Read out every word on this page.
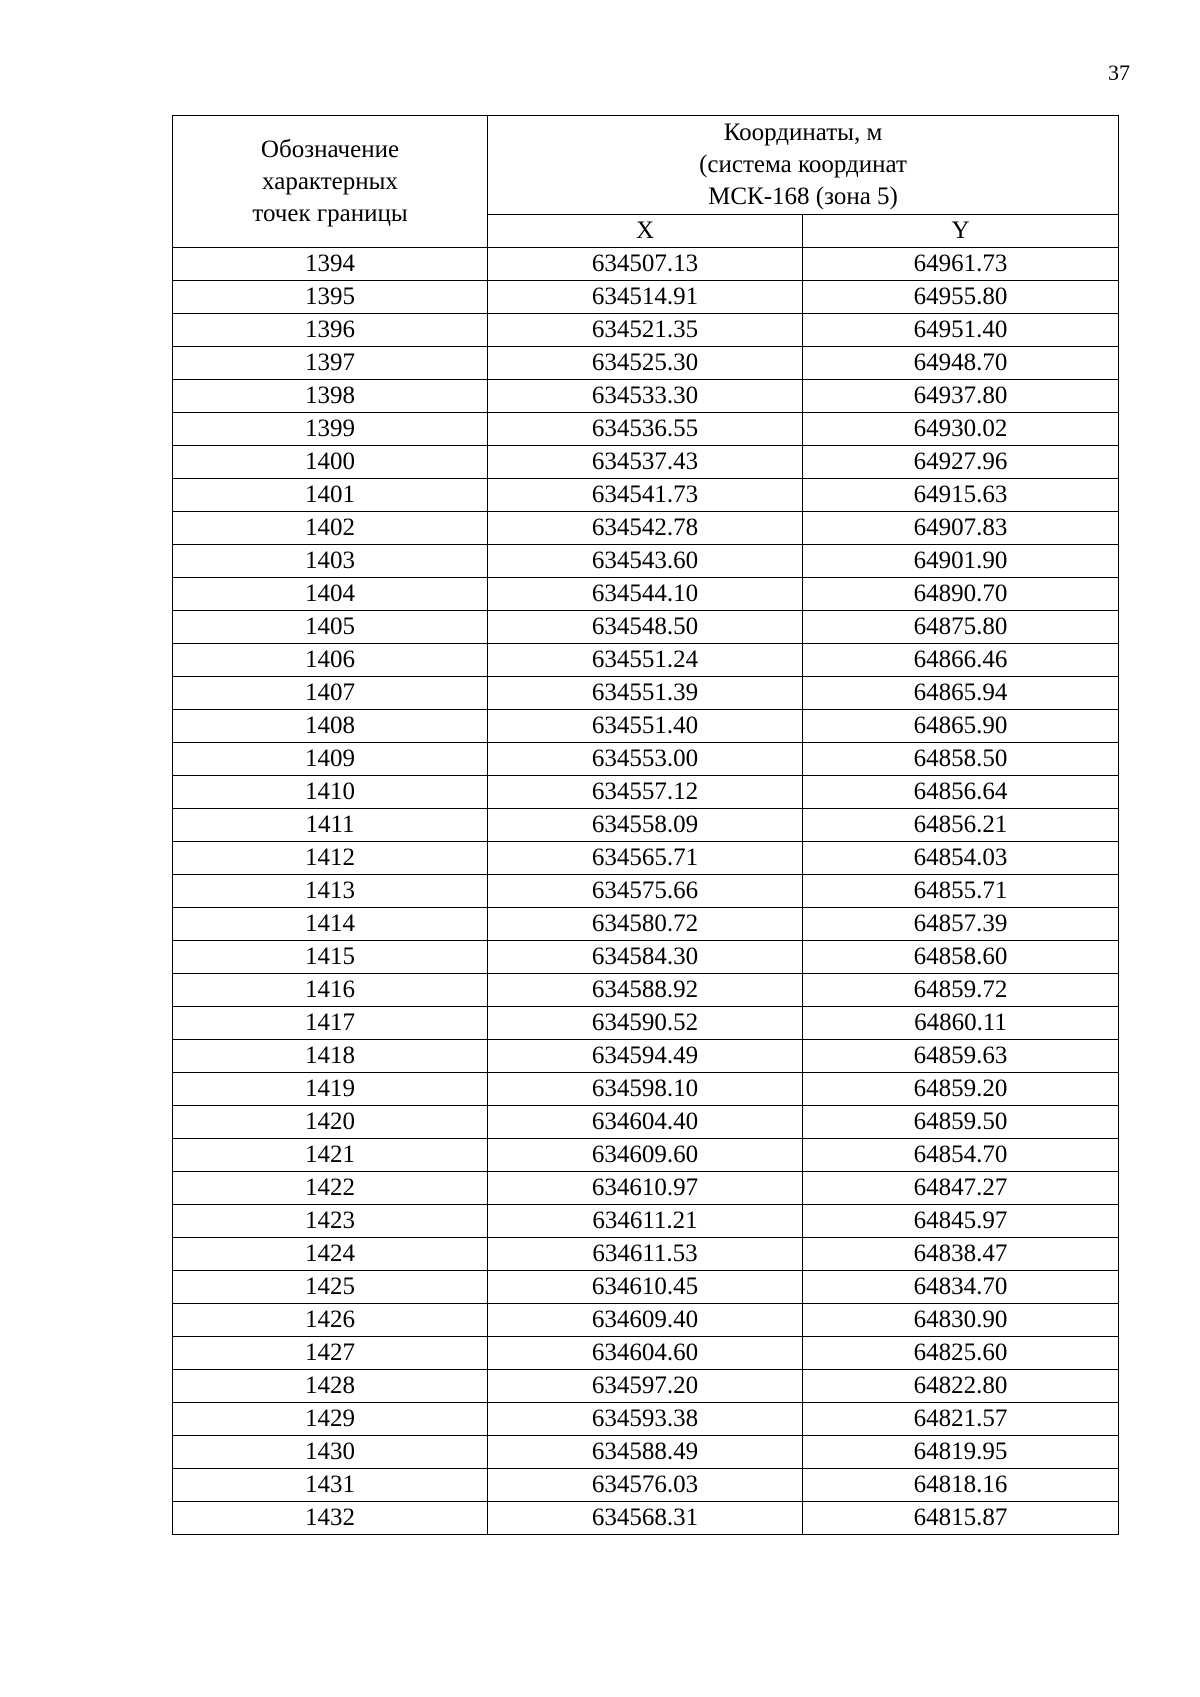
37
Обозначение
характерных
точек границы	Координаты, м
(система координат
МСК-168 (зона 5)	

	X	Y
1394	634507.13	64961.73
1395	634514.91	64955.80
1396	634521.35	64951.40
1397	634525.30	64948.70
1398	634533.30	64937.80
1399	634536.55	64930.02
1400	634537.43	64927.96
1401	634541.73	64915.63
1402	634542.78	64907.83
1403	634543.60	64901.90
1404	634544.10	64890.70
1405	634548.50	64875.80
1406	634551.24	64866.46
1407	634551.39	64865.94
1408	634551.40	64865.90
1409	634553.00	64858.50
1410	634557.12	64856.64
1411	634558.09	64856.21
1412	634565.71	64854.03
1413	634575.66	64855.71
1414	634580.72	64857.39
1415	634584.30	64858.60
1416	634588.92	64859.72
1417	634590.52	64860.11
1418	634594.49	64859.63
1419	634598.10	64859.20
1420	634604.40	64859.50
1421	634609.60	64854.70
1422	634610.97	64847.27
1423	634611.21	64845.97
1424	634611.53	64838.47
1425	634610.45	64834.70
1426	634609.40	64830.90
1427	634604.60	64825.60
1428	634597.20	64822.80
1429	634593.38	64821.57
1430	634588.49	64819.95
1431	634576.03	64818.16
1432	634568.31	64815.87
